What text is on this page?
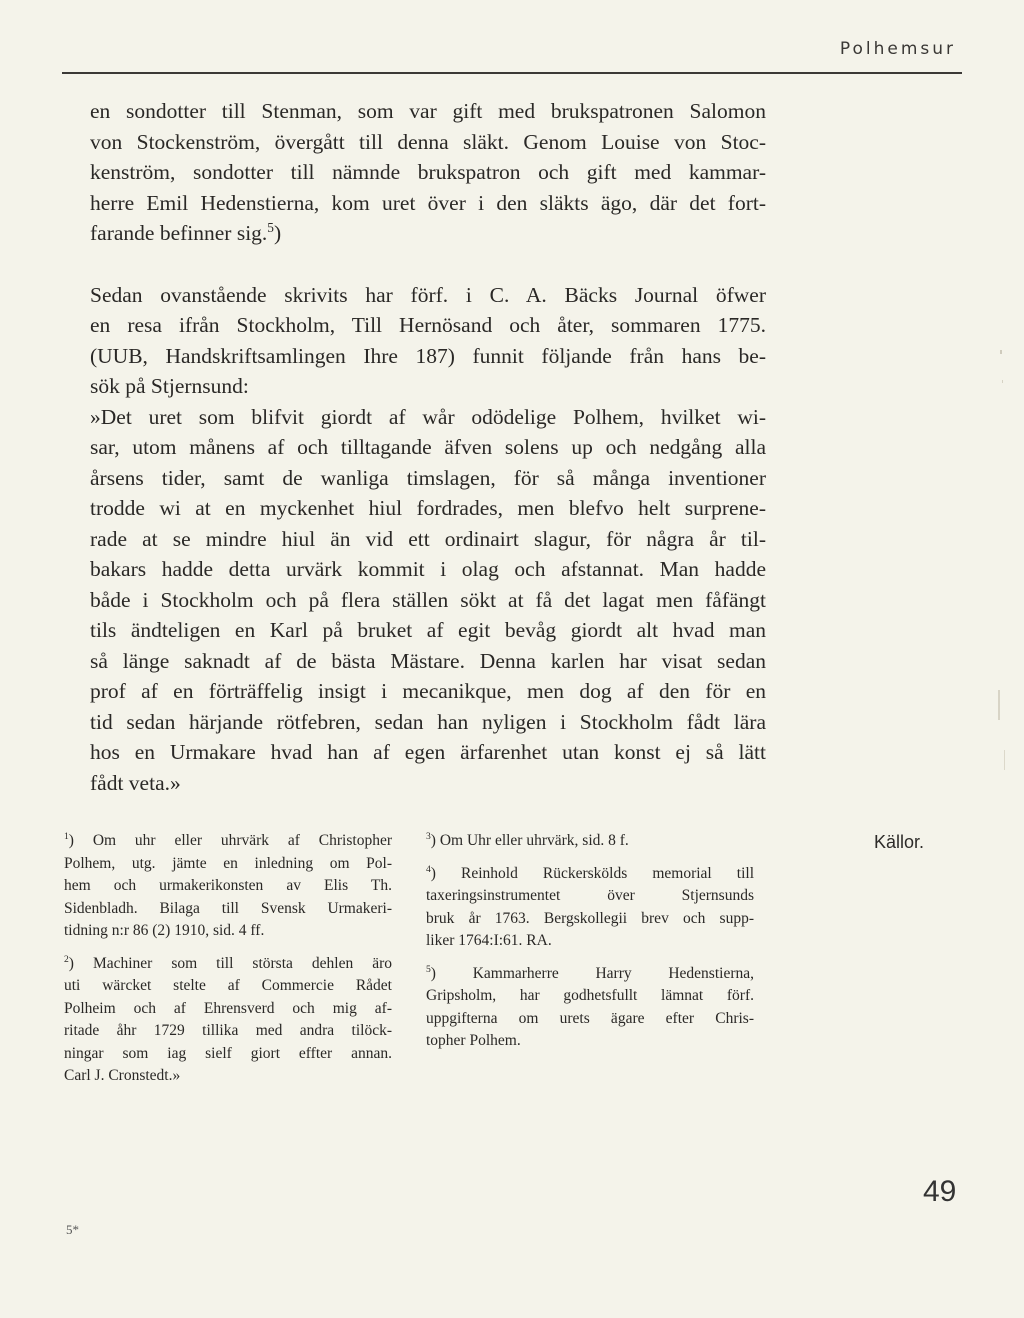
Polhemsur
en sondotter till Stenman, som var gift med brukspatronen Salomon
von Stockenström, övergått till denna släkt. Genom Louise von Stoc-
kenström, sondotter till nämnde brukspatron och gift med kammar-
herre Emil Hedenstierna, kom uret över i den släkts ägo, där det fort-
farande befinner sig.$^5$)
Sedan ovanstående skrivits har förf. i C. A. Bäcks Journal öfwer
en resa ifrån Stockholm, Till Hernösand och åter, sommaren 1775.
(UUB, Handskriftsamlingen Ihre 187) funnit följande från hans be-
sök på Stjernsund:
»Det uret som blifvit giordt af wår odödelige Polhem, hvilket wi-
sar, utom månens af och tilltagande äfven solens up och nedgång alla
årsens tider, samt de wanliga timslagen, för så många inventioner
trodde wi at en myckenhet hiul fordrades, men blefvo helt surprene-
rade at se mindre hiul än vid ett ordinairt slagur, för några år til-
bakars hadde detta urvärk kommit i olag och afstannat. Man hadde
både i Stockholm och på flera ställen sökt at få det lagat men fåfängt
tils ändteligen en Karl på bruket af egit bevåg giordt alt hvad man
så länge saknadt af de bästa Mästare. Denna karlen har visat sedan
prof af en förträffelig insigt i mecanikque, men dog af den för en
tid sedan härjande rötfebren, sedan han nyligen i Stockholm fådt lära
hos en Urmakare hvad han af egen ärfarenhet utan konst ej så lätt
fådt veta.»
$^1$) Om uhr eller uhrvärk af Christopher
Polhem, utg. jämte en inledning om Pol-
hem och urmakerikonsten av Elis Th.
Sidenbladh. Bilaga till Svensk Urmakeri-
tidning n:r 86 (2) 1910, sid. 4 ff.
$^2$) Machiner som till största dehlen äro
uti wärcket stelte af Commercie Rådet
Polheim och af Ehrensverd och mig af-
ritade åhr 1729 tillika med andra tilöck-
ningar som iag sielf giort effter annan.
Carl J. Cronstedt.»
$^3$) Om Uhr eller uhrvärk, sid. 8 f.
$^4$) Reinhold Rückerskölds memorial till
taxeringsinstrumentet över Stjernsunds
bruk år 1763. Bergskollegii brev och supp-
liker 1764:I:61. RA.
$^5$) Kammarherre Harry Hedenstierna,
Gripsholm, har godhetsfullt lämnat förf.
uppgifterna om urets ägare efter Chris-
topher Polhem.
Källor.
49
5*
